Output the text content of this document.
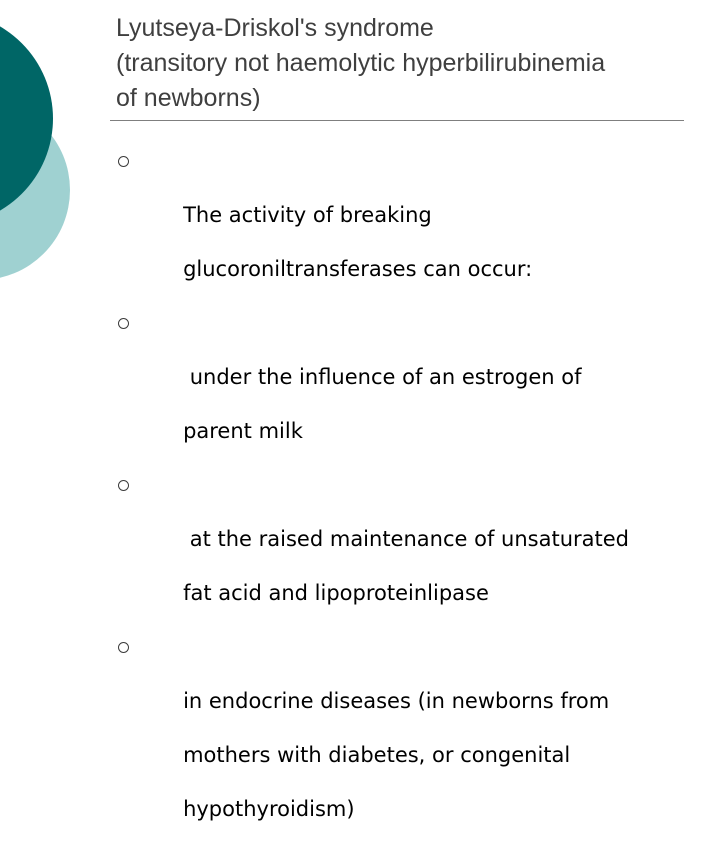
Lyutseya-Driskol's syndrome
(transitory not haemolytic hyperbilirubinemia
of newborns)

The activity of breaking

glucoroniltransferases can occur:

under the influence of an estrogen of

parent milk

at the raised maintenance of unsaturated

fat acid and lipoproteinlipase

in endocrine diseases (in newborns from

mothers with diabetes, or congenital

hypothyroidism)
